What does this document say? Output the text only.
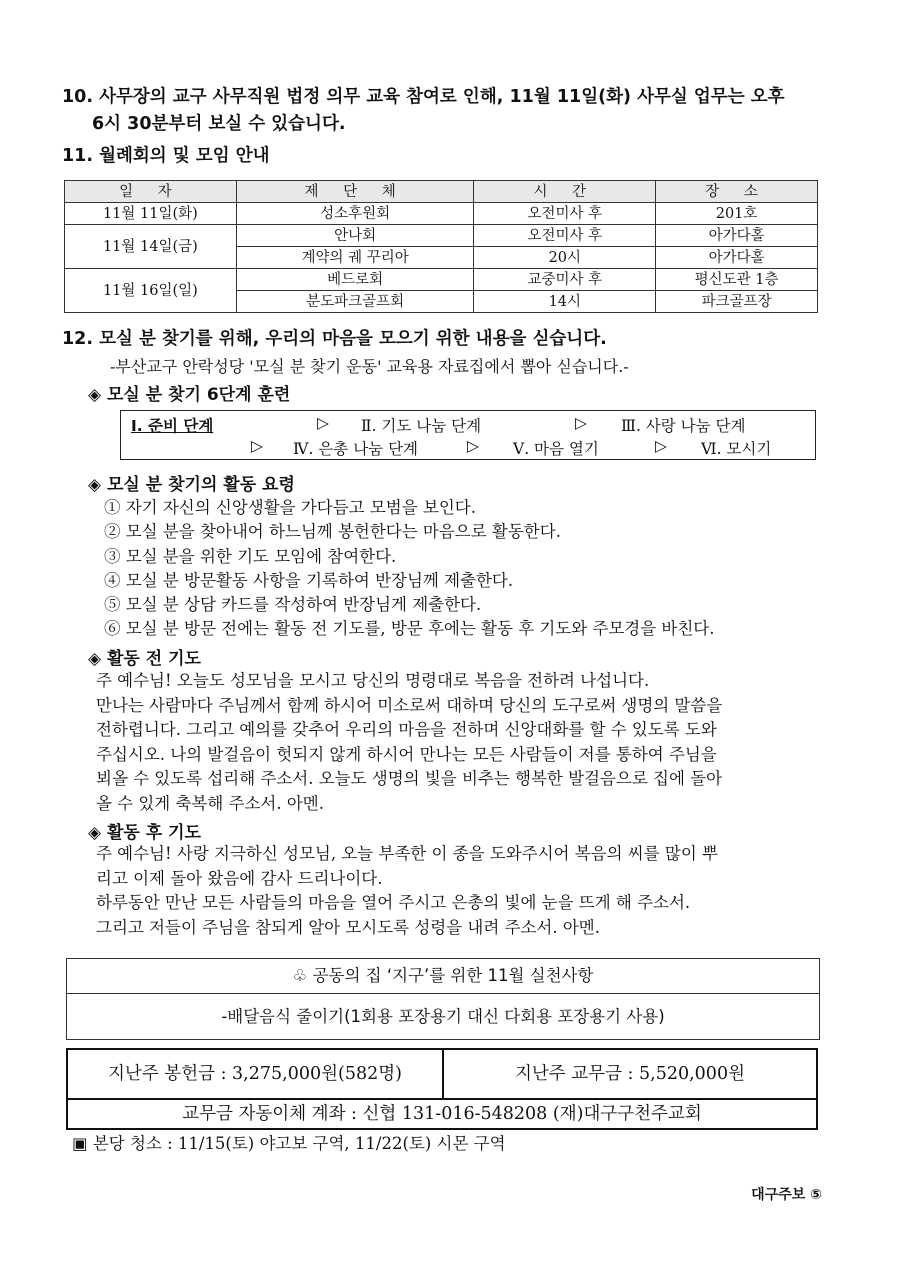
10. 사무장의 교구 사무직원 법정 의무 교육 참여로 인해, 11월 11일(화) 사무실 업무는 오후
6시 30분부터 보실 수 있습니다.
11. 월례회의 및 모임 안내
일 자	제 단 체	시 간	장 소
11월 11일(화)	성소후원회	오전미사 후	201호
11월 14일(금)	안나회	오전미사 후	아가다홀
	계약의 궤 꾸리아	20시	아가다홀
11월 16일(일)	베드로회	교중미사 후	평신도관 1층
	분도파크골프회	14시	파크골프장
12. 모실 분 찾기를 위해, 우리의 마음을 모으기 위한 내용을 싣습니다.
-부산교구 안락성당 '모실 분 찾기 운동' 교육용 자료집에서 뽑아 싣습니다.-
◈ 모실 분 찾기 6단계 훈련
Ⅰ. 준비 단계	▷ Ⅱ. 기도 나눔 단계	▷ Ⅲ. 사랑 나눔 단계
▷ Ⅳ. 은총 나눔 단계	▷ Ⅴ. 마음 열기	▷ Ⅵ. 모시기
◈ 모실 분 찾기의 활동 요령
① 자기 자신의 신앙생활을 가다듬고 모범을 보인다.
② 모실 분을 찾아내어 하느님께 봉헌한다는 마음으로 활동한다.
③ 모실 분을 위한 기도 모임에 참여한다.
④ 모실 분 방문활동 사항을 기록하여 반장님께 제출한다.
⑤ 모실 분 상담 카드를 작성하여 반장님게 제출한다.
⑥ 모실 분 방문 전에는 활동 전 기도를, 방문 후에는 활동 후 기도와 주모경을 바친다.
◈ 활동 전 기도
주 예수님! 오늘도 성모님을 모시고 당신의 명령대로 복음을 전하려 나섭니다.
만나는 사람마다 주님께서 함께 하시어 미소로써 대하며 당신의 도구로써 생명의 말씀을
전하렵니다. 그리고 예의를 갖추어 우리의 마음을 전하며 신앙대화를 할 수 있도록 도와
주십시오. 나의 발걸음이 헛되지 않게 하시어 만나는 모든 사람들이 저를 통하여 주님을
뵈올 수 있도록 섭리해 주소서. 오늘도 생명의 빛을 비추는 행복한 발걸음으로 집에 돌아
올 수 있게 축복해 주소서. 아멘.
◈ 활동 후 기도
주 예수님! 사랑 지극하신 성모님, 오늘 부족한 이 종을 도와주시어 복음의 씨를 많이 뿌
리고 이제 돌아 왔음에 감사 드리나이다.
하루동안 만난 모든 사람들의 마음을 열어 주시고 은총의 빛에 눈을 뜨게 해 주소서.
그리고 저들이 주님을 참되게 알아 모시도록 성령을 내려 주소서. 아멘.
♧ 공동의 집 ‘지구’를 위한 11월 실천사항
-배달음식 줄이기(1회용 포장용기 대신 다회용 포장용기 사용)
지난주 봉헌금 : 3,275,000원(582명)	지난주 교무금 : 5,520,000원
교무금 자동이체 계좌 : 신협 131-016-548208 (재)대구구천주교회
▣ 본당 청소 : 11/15(토) 야고보 구역, 11/22(토) 시몬 구역
대구주보 ⑤
